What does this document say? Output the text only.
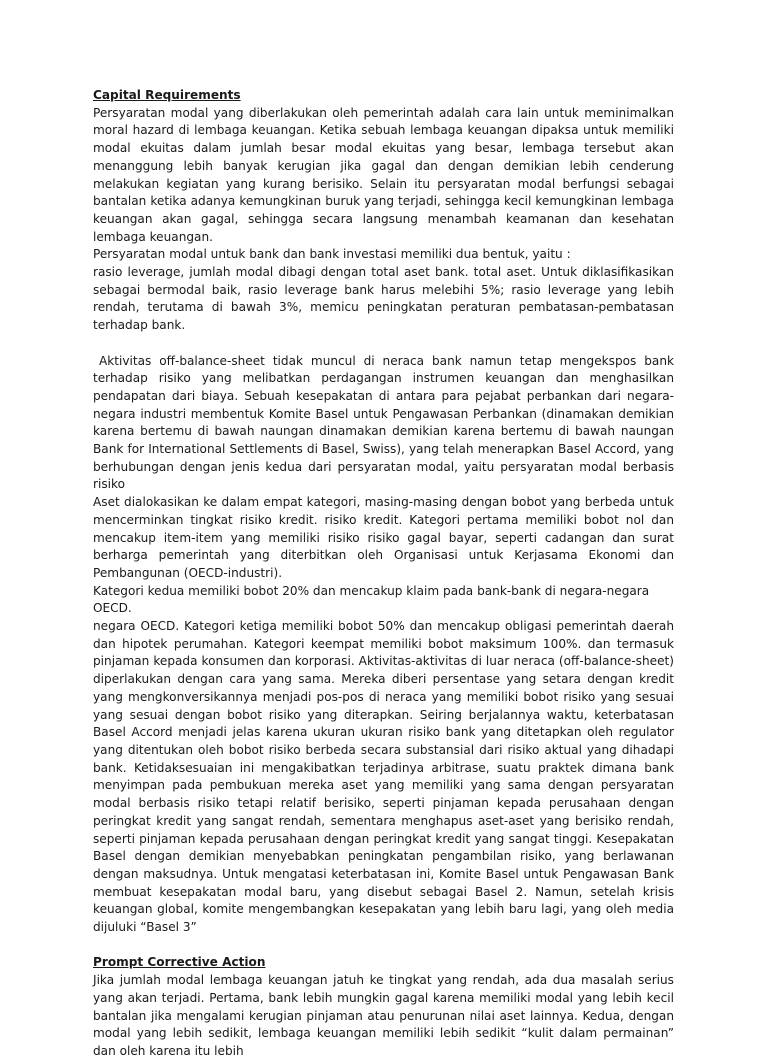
Capital Requirements

Persyaratan modal yang diberlakukan oleh pemerintah adalah cara lain untuk meminimalkan moral hazard di lembaga keuangan. Ketika sebuah lembaga keuangan dipaksa untuk memiliki modal ekuitas dalam jumlah besar modal ekuitas yang besar, lembaga tersebut akan menanggung lebih banyak kerugian jika gagal dan dengan demikian lebih cenderung melakukan kegiatan yang kurang berisiko. Selain itu persyaratan modal berfungsi sebagai bantalan ketika adanya kemungkinan buruk yang terjadi, sehingga kecil kemungkinan lembaga keuangan akan gagal, sehingga secara langsung menambah keamanan dan kesehatan lembaga keuangan.

Persyaratan modal untuk bank dan bank investasi memiliki dua bentuk, yaitu :

rasio leverage, jumlah modal dibagi dengan total aset bank. total aset. Untuk diklasifikasikan sebagai bermodal baik, rasio leverage bank harus melebihi 5%; rasio leverage yang lebih rendah, terutama di bawah 3%, memicu peningkatan peraturan pembatasan-pembatasan terhadap bank.

Aktivitas off-balance-sheet tidak muncul di neraca bank namun tetap mengekspos bank terhadap risiko yang melibatkan perdagangan instrumen keuangan dan menghasilkan pendapatan dari biaya. Sebuah kesepakatan di antara para pejabat perbankan dari negara-negara industri membentuk Komite Basel untuk Pengawasan Perbankan (dinamakan demikian karena bertemu di bawah naungan dinamakan demikian karena bertemu di bawah naungan Bank for International Settlements di Basel, Swiss), yang telah menerapkan Basel Accord, yang berhubungan dengan jenis kedua dari persyaratan modal, yaitu persyaratan modal berbasis risiko

Aset dialokasikan ke dalam empat kategori, masing-masing dengan bobot yang berbeda untuk mencerminkan tingkat risiko kredit. risiko kredit. Kategori pertama memiliki bobot nol dan mencakup item-item yang memiliki risiko risiko gagal bayar, seperti cadangan dan surat berharga pemerintah yang diterbitkan oleh Organisasi untuk Kerjasama Ekonomi dan Pembangunan (OECD-industri).

Kategori kedua memiliki bobot 20% dan mencakup klaim pada bank-bank di negara-negara OECD.

negara OECD. Kategori ketiga memiliki bobot 50% dan mencakup obligasi pemerintah daerah dan hipotek perumahan. Kategori keempat memiliki bobot maksimum 100%. dan termasuk pinjaman kepada konsumen dan korporasi. Aktivitas-aktivitas di luar neraca (off-balance-sheet) diperlakukan dengan cara yang sama. Mereka diberi persentase yang setara dengan kredit yang mengkonversikannya menjadi pos-pos di neraca yang memiliki bobot risiko yang sesuai yang sesuai dengan bobot risiko yang diterapkan. Seiring berjalannya waktu, keterbatasan Basel Accord menjadi jelas karena ukuran ukuran risiko bank yang ditetapkan oleh regulator yang ditentukan oleh bobot risiko berbeda secara substansial dari risiko aktual yang dihadapi bank. Ketidaksesuaian ini mengakibatkan terjadinya arbitrase, suatu praktek dimana bank menyimpan pada pembukuan mereka aset yang memiliki yang sama dengan persyaratan modal berbasis risiko tetapi relatif berisiko, seperti pinjaman kepada perusahaan dengan peringkat kredit yang sangat rendah, sementara menghapus aset-aset yang berisiko rendah, seperti pinjaman kepada perusahaan dengan peringkat kredit yang sangat tinggi. Kesepakatan Basel dengan demikian menyebabkan peningkatan pengambilan risiko, yang berlawanan dengan maksudnya. Untuk mengatasi keterbatasan ini, Komite Basel untuk Pengawasan Bank membuat kesepakatan modal baru, yang disebut sebagai Basel 2. Namun, setelah krisis keuangan global, komite mengembangkan kesepakatan yang lebih baru lagi, yang oleh media dijuluki “Basel 3”

Prompt Corrective Action

Jika jumlah modal lembaga keuangan jatuh ke tingkat yang rendah, ada dua masalah serius yang akan terjadi. Pertama, bank lebih mungkin gagal karena memiliki modal yang lebih kecil bantalan jika mengalami kerugian pinjaman atau penurunan nilai aset lainnya. Kedua, dengan modal yang lebih sedikit, lembaga keuangan memiliki lebih sedikit “kulit dalam permainan” dan oleh karena itu lebih
